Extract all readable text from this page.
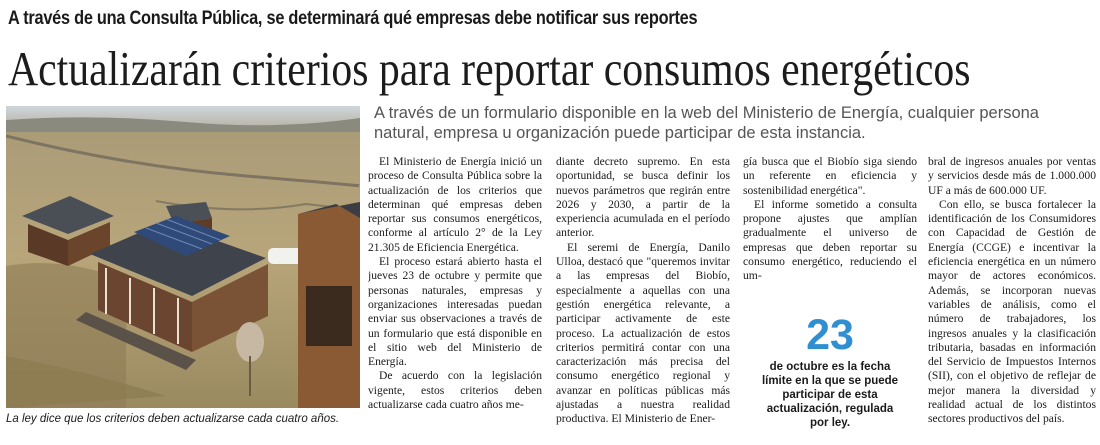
A través de una Consulta Pública, se determinará qué empresas debe notificar sus reportes
Actualizarán criterios para reportar consumos energéticos
La ley dice que los criterios deben actualizarse cada cuatro años.
A través de un formulario disponible en la web del Ministerio de Energía, cualquier persona
natural, empresa u organización puede participar de esta instancia.

El Ministerio de Energía inició un proceso de Consulta Pública sobre la actualización de los criterios que determinan qué empresas deben reportar sus consumos energéticos, conforme al artículo 2° de la Ley 21.305 de Eficiencia Energética.

El proceso estará abierto hasta el jueves 23 de octubre y permite que personas naturales, empresas y organizaciones interesadas puedan enviar sus observaciones a través de un formulario que está disponible en el sitio web del Ministerio de Energía.

De acuerdo con la legislación vigente, estos criterios deben actualizarse cada cuatro años me-

diante decreto supremo. En esta oportunidad, se busca definir los nuevos parámetros que regirán entre 2026 y 2030, a partir de la experiencia acumulada en el período anterior.

El seremi de Energía, Danilo Ulloa, destacó que "queremos invitar a las empresas del Biobío, especialmente a aquellas con una gestión energética relevante, a participar activamente de este proceso. La actualización de estos criterios permitirá contar con una caracterización más precisa del consumo energético regional y avanzar en políticas públicas más ajustadas a nuestra realidad productiva. El Ministerio de Ener-

gía busca que el Biobío siga siendo un referente en eficiencia y sostenibilidad energética".

El informe sometido a consulta propone ajustes que amplían gradualmente el universo de empresas que deben reportar su consumo energético, reduciendo el um-

23
de octubre es la fecha límite en la que se puede participar de esta actualización, regulada por ley.

bral de ingresos anuales por ventas y servicios desde más de 1.000.000 UF a más de 600.000 UF.

Con ello, se busca fortalecer la identificación de los Consumidores con Capacidad de Gestión de Energía (CCGE) e incentivar la eficiencia energética en un número mayor de actores económicos. Además, se incorporan nuevas variables de análisis, como el número de trabajadores, los ingresos anuales y la clasificación tributaria, basadas en información del Servicio de Impuestos Internos (SII), con el objetivo de reflejar de mejor manera la diversidad y realidad actual de los distintos sectores productivos del país.
